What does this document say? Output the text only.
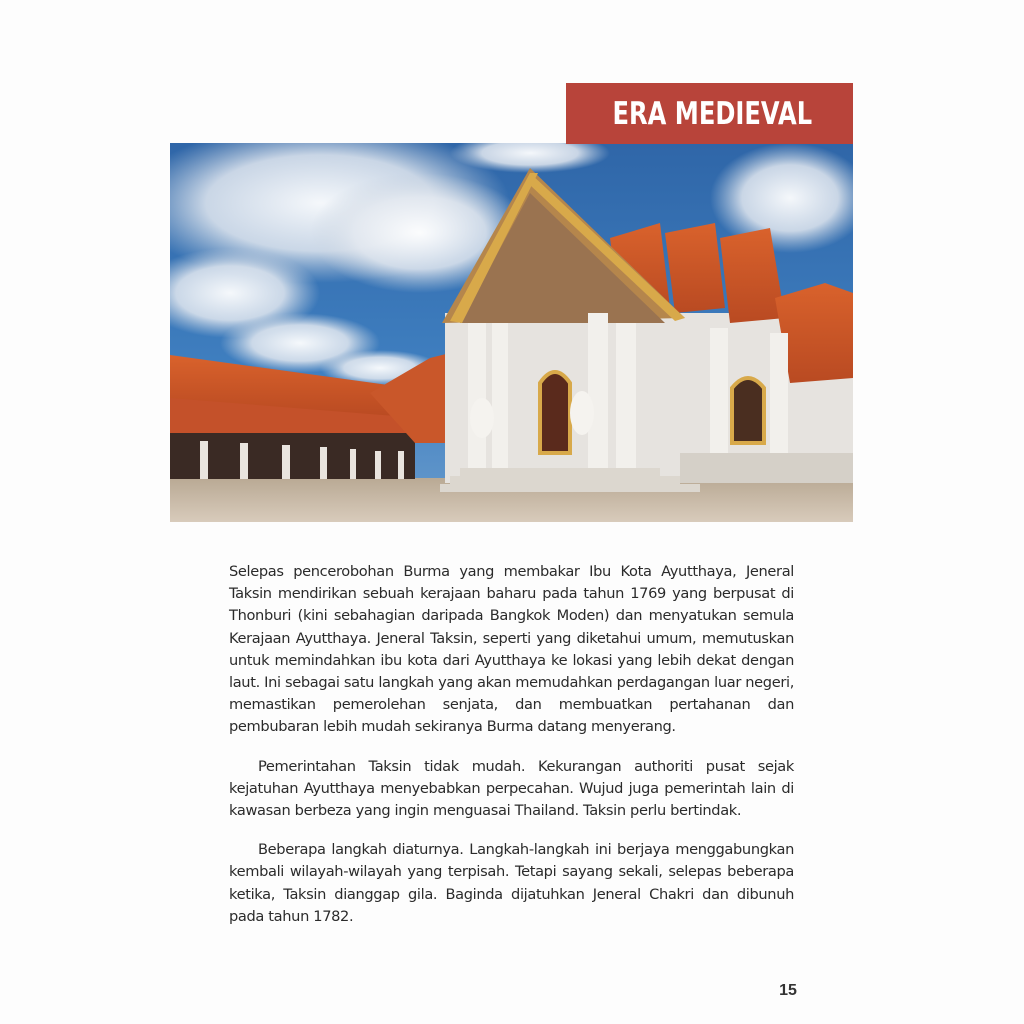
ERA MEDIEVAL

Selepas pencerobohan Burma yang membakar Ibu Kota Ayutthaya, Jeneral Taksin mendirikan sebuah kerajaan baharu pada tahun 1769 yang berpusat di Thonburi (kini sebahagian daripada Bangkok Moden) dan menyatukan semula Kerajaan Ayutthaya. Jeneral Taksin, seperti yang diketahui umum, memutuskan untuk memindahkan ibu kota dari Ayutthaya ke lokasi yang lebih dekat dengan laut. Ini sebagai satu langkah yang akan memudahkan perdagangan luar negeri, memastikan pemerolehan senjata, dan membuatkan pertahanan dan pembubaran lebih mudah sekiranya Burma datang menyerang.

Pemerintahan Taksin tidak mudah. Kekurangan authoriti pusat sejak kejatuhan Ayutthaya menyebabkan perpecahan. Wujud juga pemerintah lain di kawasan berbeza yang ingin menguasai Thailand. Taksin perlu bertindak.

Beberapa langkah diaturnya. Langkah-langkah ini berjaya menggabungkan kembali wilayah-wilayah yang terpisah. Tetapi sayang sekali, selepas beberapa ketika, Taksin dianggap gila. Baginda dijatuhkan Jeneral Chakri dan dibunuh pada tahun 1782.

15
